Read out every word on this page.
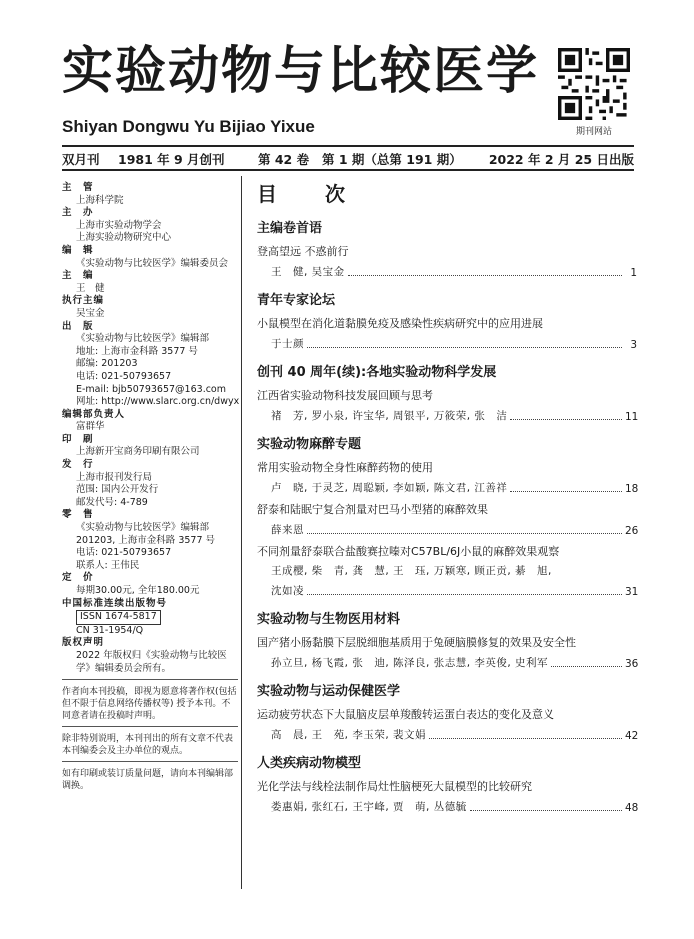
实验动物与比较医学
Shiyan Dongwu Yu Bijiao Yixue	期刊网站
双月刊 1981 年 9 月创刊	第 42 卷 第 1 期（总第 191 期） 2022 年 2 月 25 日出版
主　管
上海科学院
主　办
上海市实验动物学会
上海实验动物研究中心
编　辑
《实验动物与比较医学》编辑委员会
主　编
王　健
执行主编
吴宝金
出　版
《实验动物与比较医学》编辑部
地址: 上海市金科路 3577 号
邮编: 201203
电话: 021-50793657
E-mail: bjb50793657@163.com
网址: http://www.slarc.org.cn/dwyx
编辑部负责人
富群华
印　刷
上海新开宝商务印刷有限公司
发　行
上海市报刊发行局
范围: 国内公开发行
邮发代号: 4-789
零　售
《实验动物与比较医学》编辑部
201203, 上海市金科路 3577 号
电话: 021-50793657
联系人: 王伟民
定　价
每期30.00元, 全年180.00元
中国标准连续出版物号
ISSN 1674-5817
CN 31-1954/Q
版权声明
2022 年版权归《实验动物与比较医
学》编辑委员会所有。
作者向本刊投稿，即视为愿意将著作权(包括但不限于信息网络传播权等) 授予本刊。不同意者请在投稿时声明。
除非特别说明，本刊刊出的所有文章不代表本刊编委会及主办单位的观点。
如有印刷或装订质量问题，请向本刊编辑部调换。
目　次
主编卷首语
登高望远 不惑前行
王　健, 吴宝金	1
青年专家论坛
小鼠模型在消化道黏膜免疫及感染性疾病研究中的应用进展
于士颜	3
创刊 40 周年(续):各地实验动物科学发展
江西省实验动物科技发展回顾与思考
褚　芳, 罗小泉, 许宝华, 周银平, 万筱荣, 张　洁	11
实验动物麻醉专题
常用实验动物全身性麻醉药物的使用
卢　晓, 于灵芝, 周聪颖, 李如颖, 陈文君, 江善祥	18
舒泰和陆眠宁复合剂量对巴马小型猪的麻醉效果
薛来恩	26
不同剂量舒泰联合盐酸赛拉嗪对C57BL/6J小鼠的麻醉效果观察
王成樱, 柴　青, 龚　慧, 王　珏, 万颖寒, 顾正贡, 綦　旭,
沈如凌	31
实验动物与生物医用材料
国产猪小肠黏膜下层脱细胞基质用于兔硬脑膜修复的效果及安全性
孙立旦, 杨飞霞, 张　迪, 陈泽良, 张志慧, 李英俊, 史利军	36
实验动物与运动保健医学
运动疲劳状态下大鼠脑皮层单羧酸转运蛋白表达的变化及意义
高　晨, 王　苑, 李玉荣, 裴文娟	42
人类疾病动物模型
光化学法与线栓法制作局灶性脑梗死大鼠模型的比较研究
娄惠娟, 张红石, 王宇峰, 贾　萌, 丛德毓	48
